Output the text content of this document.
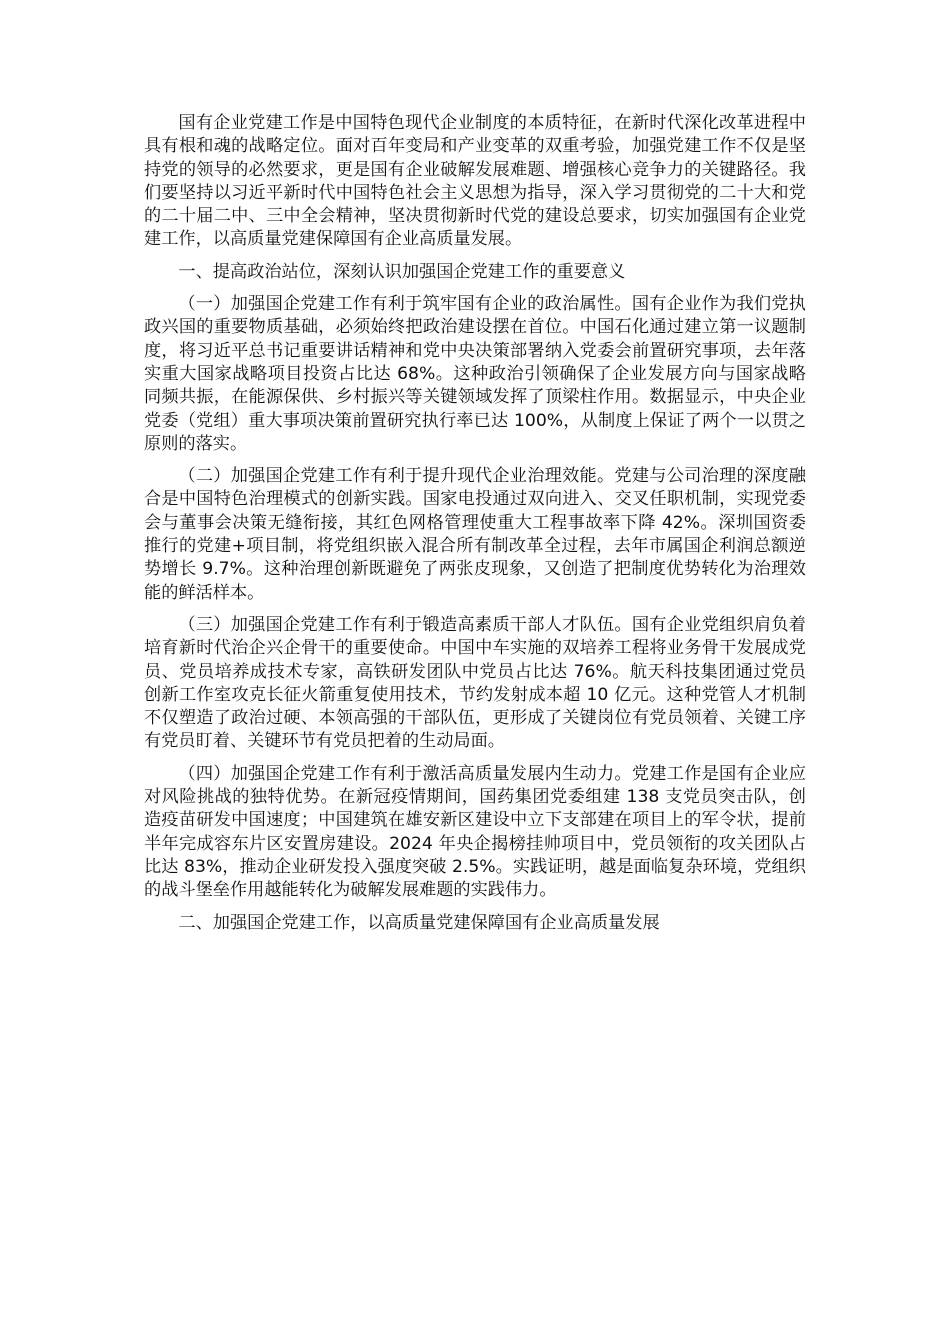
国有企业党建工作是中国特色现代企业制度的本质特征，在新时代深化改革进程中具有根和魂的战略定位。面对百年变局和产业变革的双重考验，加强党建工作不仅是坚持党的领导的必然要求，更是国有企业破解发展难题、增强核心竞争力的关键路径。我们要坚持以习近平新时代中国特色社会主义思想为指导，深入学习贯彻党的二十大和党的二十届二中、三中全会精神，坚决贯彻新时代党的建设总要求，切实加强国有企业党建工作，以高质量党建保障国有企业高质量发展。

一、提高政治站位，深刻认识加强国企党建工作的重要意义

（一）加强国企党建工作有利于筑牢国有企业的政治属性。国有企业作为我们党执政兴国的重要物质基础，必须始终把政治建设摆在首位。中国石化通过建立第一议题制度，将习近平总书记重要讲话精神和党中央决策部署纳入党委会前置研究事项，去年落实重大国家战略项目投资占比达 68%。这种政治引领确保了企业发展方向与国家战略同频共振，在能源保供、乡村振兴等关键领域发挥了顶梁柱作用。数据显示，中央企业党委（党组）重大事项决策前置研究执行率已达 100%，从制度上保证了两个一以贯之原则的落实。

（二）加强国企党建工作有利于提升现代企业治理效能。党建与公司治理的深度融合是中国特色治理模式的创新实践。国家电投通过双向进入、交叉任职机制，实现党委会与董事会决策无缝衔接，其红色网格管理使重大工程事故率下降 42%。深圳国资委推行的党建+项目制，将党组织嵌入混合所有制改革全过程，去年市属国企利润总额逆势增长 9.7%。这种治理创新既避免了两张皮现象，又创造了把制度优势转化为治理效能的鲜活样本。

（三）加强国企党建工作有利于锻造高素质干部人才队伍。国有企业党组织肩负着培育新时代治企兴企骨干的重要使命。中国中车实施的双培养工程将业务骨干发展成党员、党员培养成技术专家，高铁研发团队中党员占比达 76%。航天科技集团通过党员创新工作室攻克长征火箭重复使用技术，节约发射成本超 10 亿元。这种党管人才机制不仅塑造了政治过硬、本领高强的干部队伍，更形成了关键岗位有党员领着、关键工序有党员盯着、关键环节有党员把着的生动局面。

（四）加强国企党建工作有利于激活高质量发展内生动力。党建工作是国有企业应对风险挑战的独特优势。在新冠疫情期间，国药集团党委组建 138 支党员突击队，创造疫苗研发中国速度；中国建筑在雄安新区建设中立下支部建在项目上的军令状，提前半年完成容东片区安置房建设。2024 年央企揭榜挂帅项目中，党员领衔的攻关团队占比达 83%，推动企业研发投入强度突破 2.5%。实践证明，越是面临复杂环境，党组织的战斗堡垒作用越能转化为破解发展难题的实践伟力。

二、加强国企党建工作，以高质量党建保障国有企业高质量发展
